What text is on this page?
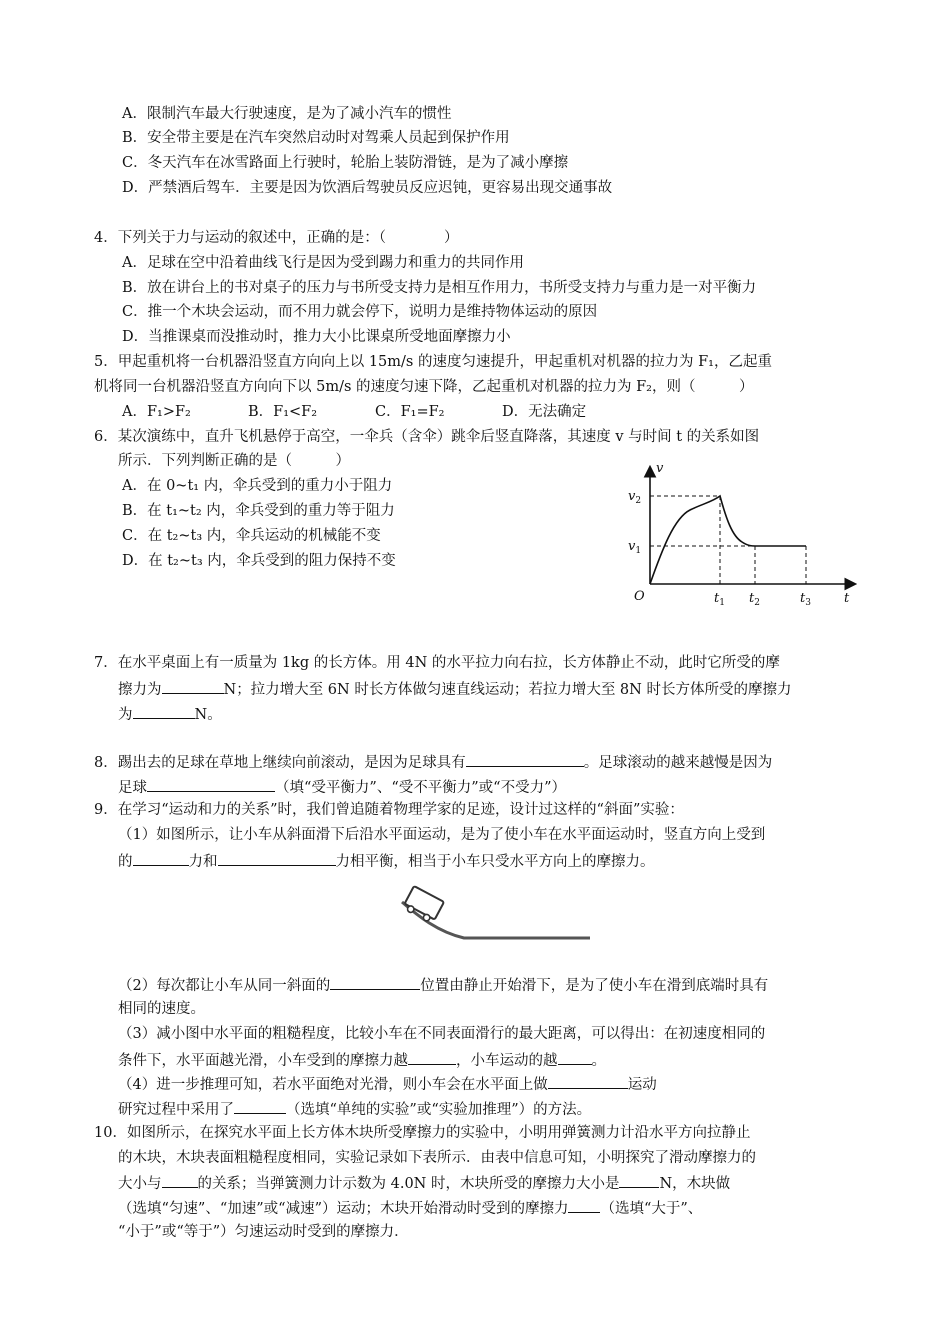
A．限制汽车最大行驶速度，是为了减小汽车的惯性
B．安全带主要是在汽车突然启动时对驾乘人员起到保护作用
C．冬天汽车在冰雪路面上行驶时，轮胎上装防滑链，是为了减小摩擦
D．严禁酒后驾车．主要是因为饮酒后驾驶员反应迟钝，更容易出现交通事故
4．下列关于力与运动的叙述中，正确的是：（　　　　）
A．足球在空中沿着曲线飞行是因为受到踢力和重力的共同作用
B．放在讲台上的书对桌子的压力与书所受支持力是相互作用力，书所受支持力与重力是一对平衡力
C．推一个木块会运动，而不用力就会停下，说明力是维持物体运动的原因
D．当推课桌而没推动时，推力大小比课桌所受地面摩擦力小
5．甲起重机将一台机器沿竖直方向向上以 15m/s 的速度匀速提升，甲起重机对机器的拉力为 F₁，乙起重
机将同一台机器沿竖直方向向下以 5m/s 的速度匀速下降，乙起重机对机器的拉力为 F₂，则（　　　）
A．F₁>F₂	B．F₁<F₂	C．F₁=F₂	D．无法确定
6．某次演练中，直升飞机悬停于高空，一伞兵（含伞）跳伞后竖直降落，其速度 v 与时间 t 的关系如图
所示．下列判断正确的是（　　　）
A．在 0~t₁ 内，伞兵受到的重力小于阻力
B．在 t₁~t₂ 内，伞兵受到的重力等于阻力
C．在 t₂~t₃ 内，伞兵运动的机械能不变
D．在 t₂~t₃ 内，伞兵受到的阻力保持不变
v
t
O
$v_2$
$v_1$
$t_1$ $t_2$	$t_3$
7．在水平桌面上有一质量为 1kg 的长方体。用 4N 的水平拉力向右拉，长方体静止不动，此时它所受的摩
擦力为	N；拉力增大至 6N 时长方体做匀速直线运动；若拉力增大至 8N 时长方体所受的摩擦力
为	N。
8．踢出去的足球在草地上继续向前滚动，是因为足球具有	。足球滚动的越来越慢是因为
足球	（填“受平衡力”、“受不平衡力”或“不受力”）
9．在学习“运动和力的关系”时，我们曾追随着物理学家的足迹，设计过这样的“斜面”实验：
（1）如图所示，让小车从斜面滑下后沿水平面运动，是为了使小车在水平面运动时，竖直方向上受到
的	力和	力相平衡，相当于小车只受水平方向上的摩擦力。
（2）每次都让小车从同一斜面的	位置由静止开始滑下，是为了使小车在滑到底端时具有
相同的速度。
（3）减小图中水平面的粗糙程度，比较小车在不同表面滑行的最大距离，可以得出：在初速度相同的
条件下，水平面越光滑，小车受到的摩擦力越	，小车运动的越 。
（4）进一步推理可知，若水平面绝对光滑，则小车会在水平面上做	运动
研究过程中采用了	（选填“单纯的实验”或“实验加推理”）的方法。
10．如图所示，在探究水平面上长方体木块所受摩擦力的实验中，小明用弹簧测力计沿水平方向拉静止
的木块，木块表面粗糙程度相同，实验记录如下表所示．由表中信息可知，小明探究了滑动摩擦力的
大小与 的关系；当弹簧测力计示数为 4.0N 时，木块所受的摩擦力大小是	N，木块做
（选填“匀速”、“加速”或“减速”）运动；木块开始滑动时受到的摩擦力 （选填“大于”、
“小于”或“等于”）匀速运动时受到的摩擦力．
